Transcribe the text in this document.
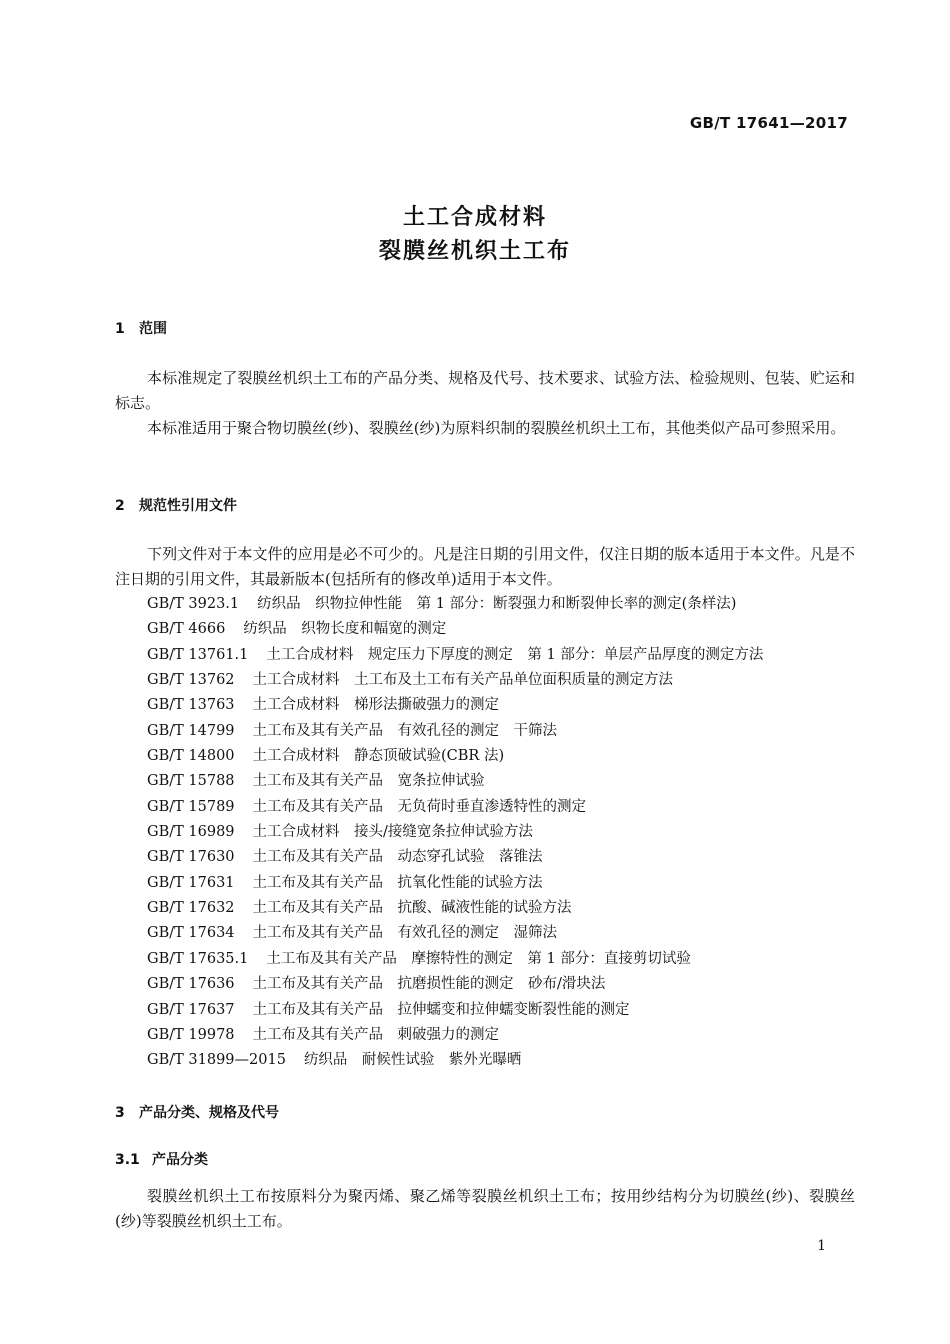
GB/T 17641—2017
土工合成材料
裂膜丝机织土工布
1 范围
本标准规定了裂膜丝机织土工布的产品分类、规格及代号、技术要求、试验方法、检验规则、包装、贮运和标志。
本标准适用于聚合物切膜丝(纱)、裂膜丝(纱)为原料织制的裂膜丝机织土工布，其他类似产品可参照采用。
2 规范性引用文件
下列文件对于本文件的应用是必不可少的。凡是注日期的引用文件，仅注日期的版本适用于本文件。凡是不注日期的引用文件，其最新版本(包括所有的修改单)适用于本文件。
GB/T 3923.1 纺织品　织物拉伸性能　第 1 部分：断裂强力和断裂伸长率的测定(条样法)
GB/T 4666 纺织品　织物长度和幅宽的测定
GB/T 13761.1 土工合成材料　规定压力下厚度的测定　第 1 部分：单层产品厚度的测定方法
GB/T 13762 土工合成材料　土工布及土工布有关产品单位面积质量的测定方法
GB/T 13763 土工合成材料　梯形法撕破强力的测定
GB/T 14799 土工布及其有关产品　有效孔径的测定　干筛法
GB/T 14800 土工合成材料　静态顶破试验(CBR 法)
GB/T 15788 土工布及其有关产品　宽条拉伸试验
GB/T 15789 土工布及其有关产品　无负荷时垂直渗透特性的测定
GB/T 16989 土工合成材料　接头/接缝宽条拉伸试验方法
GB/T 17630 土工布及其有关产品　动态穿孔试验　落锥法
GB/T 17631 土工布及其有关产品　抗氧化性能的试验方法
GB/T 17632 土工布及其有关产品　抗酸、碱液性能的试验方法
GB/T 17634 土工布及其有关产品　有效孔径的测定　湿筛法
GB/T 17635.1 土工布及其有关产品　摩擦特性的测定　第 1 部分：直接剪切试验
GB/T 17636 土工布及其有关产品　抗磨损性能的测定　砂布/滑块法
GB/T 17637 土工布及其有关产品　拉伸蠕变和拉伸蠕变断裂性能的测定
GB/T 19978 土工布及其有关产品　刺破强力的测定
GB/T 31899—2015 纺织品　耐候性试验　紫外光曝晒
3 产品分类、规格及代号
3.1 产品分类
裂膜丝机织土工布按原料分为聚丙烯、聚乙烯等裂膜丝机织土工布；按用纱结构分为切膜丝(纱)、裂膜丝(纱)等裂膜丝机织土工布。
1
